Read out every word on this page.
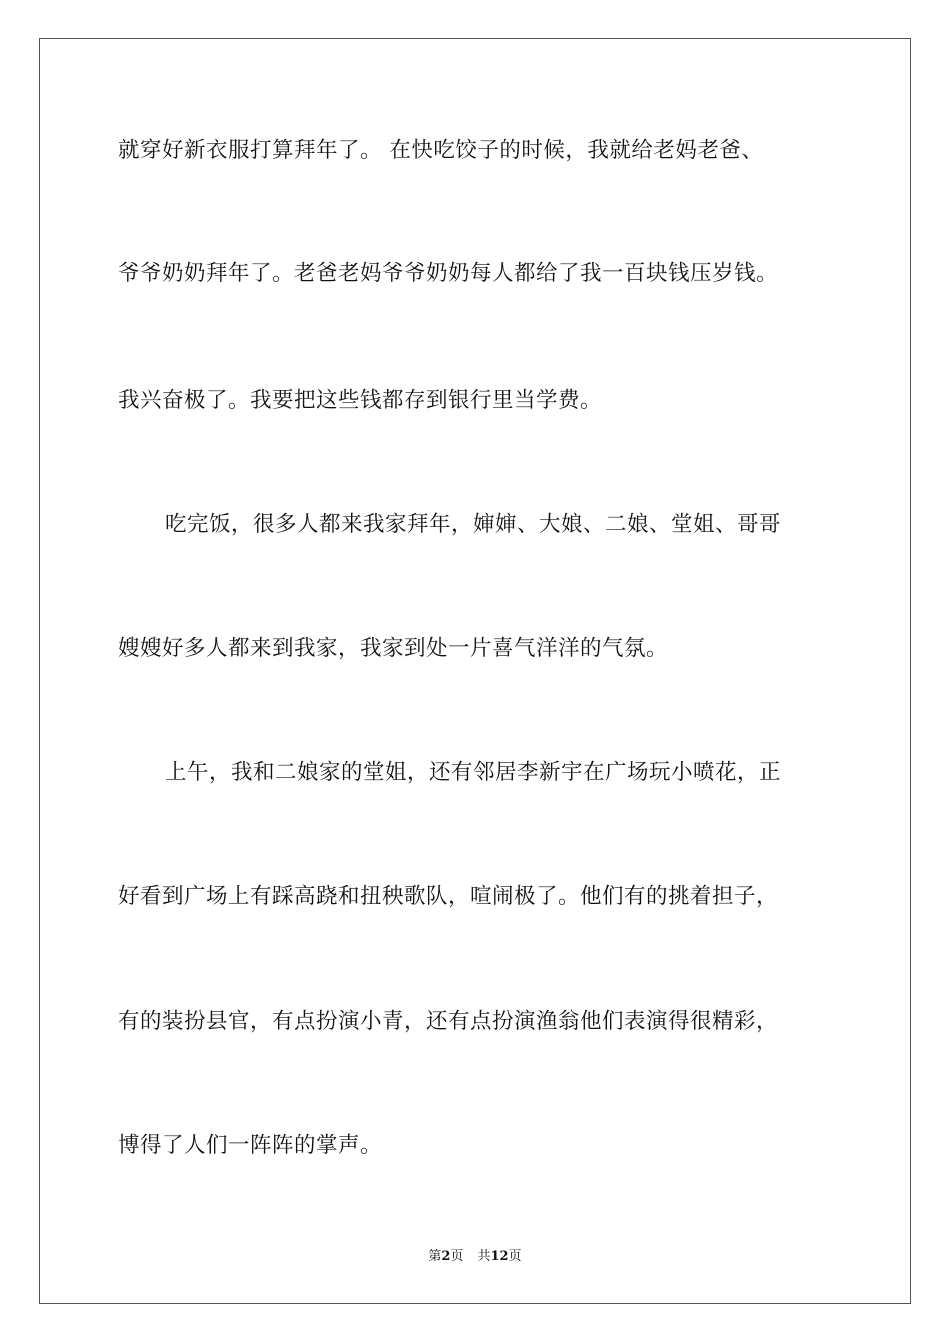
就穿好新衣服打算拜年了。 在快吃饺子的时候，我就给老妈老爸、
爷爷奶奶拜年了。老爸老妈爷爷奶奶每人都给了我一百块钱压岁钱。
我兴奋极了。我要把这些钱都存到银行里当学费。
吃完饭，很多人都来我家拜年，婶婶、大娘、二娘、堂姐、哥哥
嫂嫂好多人都来到我家，我家到处一片喜气洋洋的气氛。
上午，我和二娘家的堂姐，还有邻居李新宇在广场玩小喷花，正
好看到广场上有踩高跷和扭秧歌队，喧闹极了。他们有的挑着担子，
有的装扮县官，有点扮演小青，还有点扮演渔翁他们表演得很精彩，
博得了人们一阵阵的掌声。
第2页 共12页
